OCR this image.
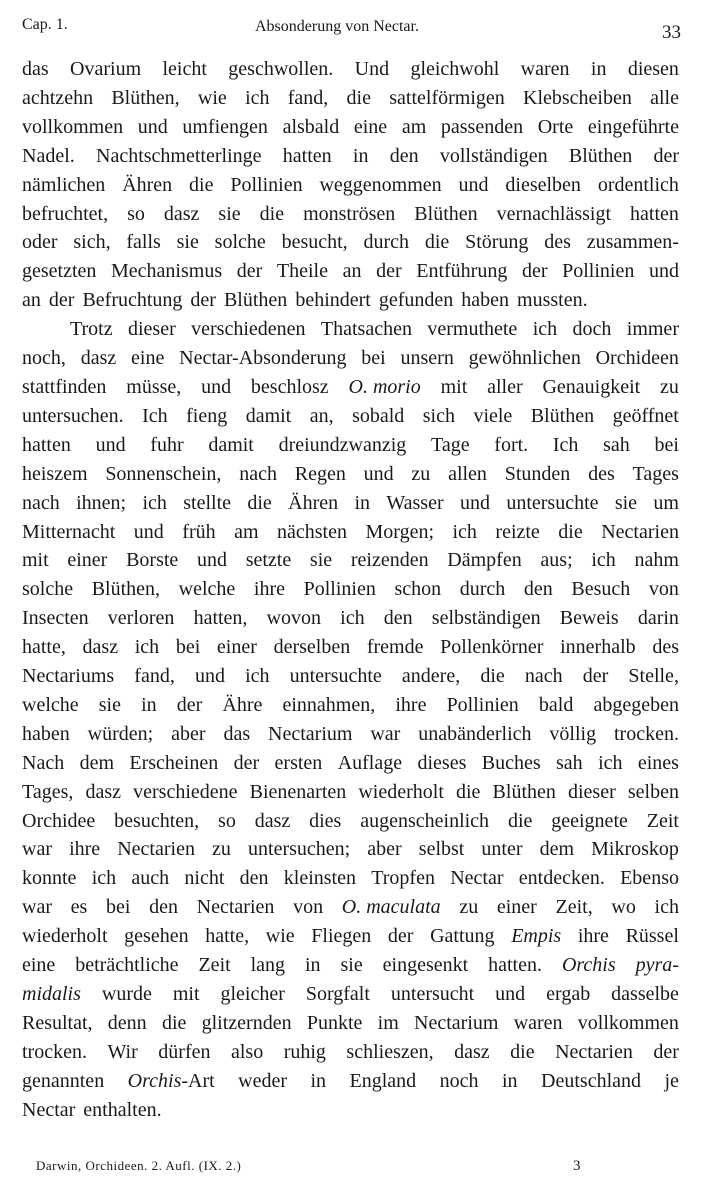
Cap. 1.	Absonderung von Nectar.	33
das Ovarium leicht geschwollen. Und gleichwohl waren in diesen
achtzehn Blüthen, wie ich fand, die sattelförmigen Klebscheiben alle
vollkommen und umfiengen alsbald eine am passenden Orte eingeführte
Nadel. Nachtschmetterlinge hatten in den vollständigen Blüthen der
nämlichen Ähren die Pollinien weggenommen und dieselben ordentlich
befruchtet, so dasz sie die monströsen Blüthen vernachlässigt hatten
oder sich, falls sie solche besucht, durch die Störung des zusammen-
gesetzten Mechanismus der Theile an der Entführung der Pollinien und
an der Befruchtung der Blüthen behindert gefunden haben mussten.
Trotz dieser verschiedenen Thatsachen vermuthete ich doch immer
noch, dasz eine Nectar-Absonderung bei unsern gewöhnlichen Orchideen
stattfinden müsse, und beschlosz O. morio mit aller Genauigkeit zu
untersuchen. Ich fieng damit an, sobald sich viele Blüthen geöffnet
hatten und fuhr damit dreiundzwanzig Tage fort. Ich sah bei
heiszem Sonnenschein, nach Regen und zu allen Stunden des Tages
nach ihnen; ich stellte die Ähren in Wasser und untersuchte sie um
Mitternacht und früh am nächsten Morgen; ich reizte die Nectarien
mit einer Borste und setzte sie reizenden Dämpfen aus; ich nahm
solche Blüthen, welche ihre Pollinien schon durch den Besuch von
Insecten verloren hatten, wovon ich den selbständigen Beweis darin
hatte, dasz ich bei einer derselben fremde Pollenkörner innerhalb des
Nectariums fand, und ich untersuchte andere, die nach der Stelle,
welche sie in der Ähre einnahmen, ihre Pollinien bald abgegeben
haben würden; aber das Nectarium war unabänderlich völlig trocken.
Nach dem Erscheinen der ersten Auflage dieses Buches sah ich eines
Tages, dasz verschiedene Bienenarten wiederholt die Blüthen dieser selben
Orchidee besuchten, so dasz dies augenscheinlich die geeignete Zeit
war ihre Nectarien zu untersuchen; aber selbst unter dem Mikroskop
konnte ich auch nicht den kleinsten Tropfen Nectar entdecken. Ebenso
war es bei den Nectarien von O. maculata zu einer Zeit, wo ich
wiederholt gesehen hatte, wie Fliegen der Gattung Empis ihre Rüssel
eine beträchtliche Zeit lang in sie eingesenkt hatten. Orchis pyra-
midalis wurde mit gleicher Sorgfalt untersucht und ergab dasselbe
Resultat, denn die glitzernden Punkte im Nectarium waren vollkommen
trocken. Wir dürfen also ruhig schlieszen, dasz die Nectarien der
genannten Orchis-Art weder in England noch in Deutschland je
Nectar enthalten.
Darwin, Orchideen. 2. Aufl. (IX. 2.)	3
